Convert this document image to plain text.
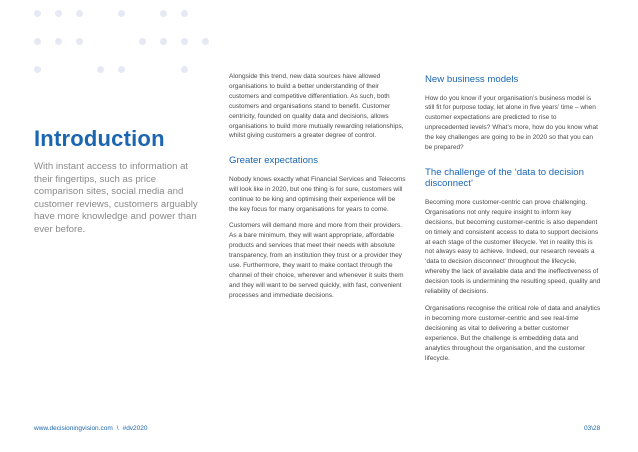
Introduction

With instant access to information at their fingertips, such as price comparison sites, social media and customer reviews, customers arguably have more knowledge and power than ever before.

Alongside this trend, new data sources have allowed organisations to build a better understanding of their customers and competitive differentiation. As such, both customers and organisations stand to benefit. Customer centricity, founded on quality data and decisions, allows organisations to build more mutually rewarding relationships, whilst giving customers a greater degree of control.

Greater expectations

Nobody knows exactly what Financial Services and Telecoms will look like in 2020, but one thing is for sure, customers will continue to be king and optimising their experience will be the key focus for many organisations for years to come.

Customers will demand more and more from their providers. As a bare minimum, they will want appropriate, affordable products and services that meet their needs with absolute transparency, from an institution they trust or a provider they use. Furthermore, they want to make contact through the channel of their choice, wherever and whenever it suits them and they will want to be served quickly, with fast, convenient processes and immediate decisions.

New business models

How do you know if your organisation’s business model is still fit for purpose today, let alone in five years’ time – when customer expectations are predicted to rise to unprecedented levels? What’s more, how do you know what the key challenges are going to be in 2020 so that you can be prepared?

The challenge of the ‘data to decision disconnect’

Becoming more customer-centric can prove challenging. Organisations not only require insight to inform key decisions, but becoming customer-centric is also dependent on timely and consistent access to data to support decisions at each stage of the customer lifecycle. Yet in reality this is not always easy to achieve. Indeed, our research reveals a ‘data to decision disconnect’ throughout the lifecycle, whereby the lack of available data and the ineffectiveness of decision tools is undermining the resulting speed, quality and reliability of decisions.

Organisations recognise the critical role of data and analytics in becoming more customer-centric and see real-time decisioning as vital to delivering a better customer experience. But the challenge is embedding data and analytics throughout the organisation, and the customer lifecycle.

www.decisioningvision.com \ #dv2020	03\28
